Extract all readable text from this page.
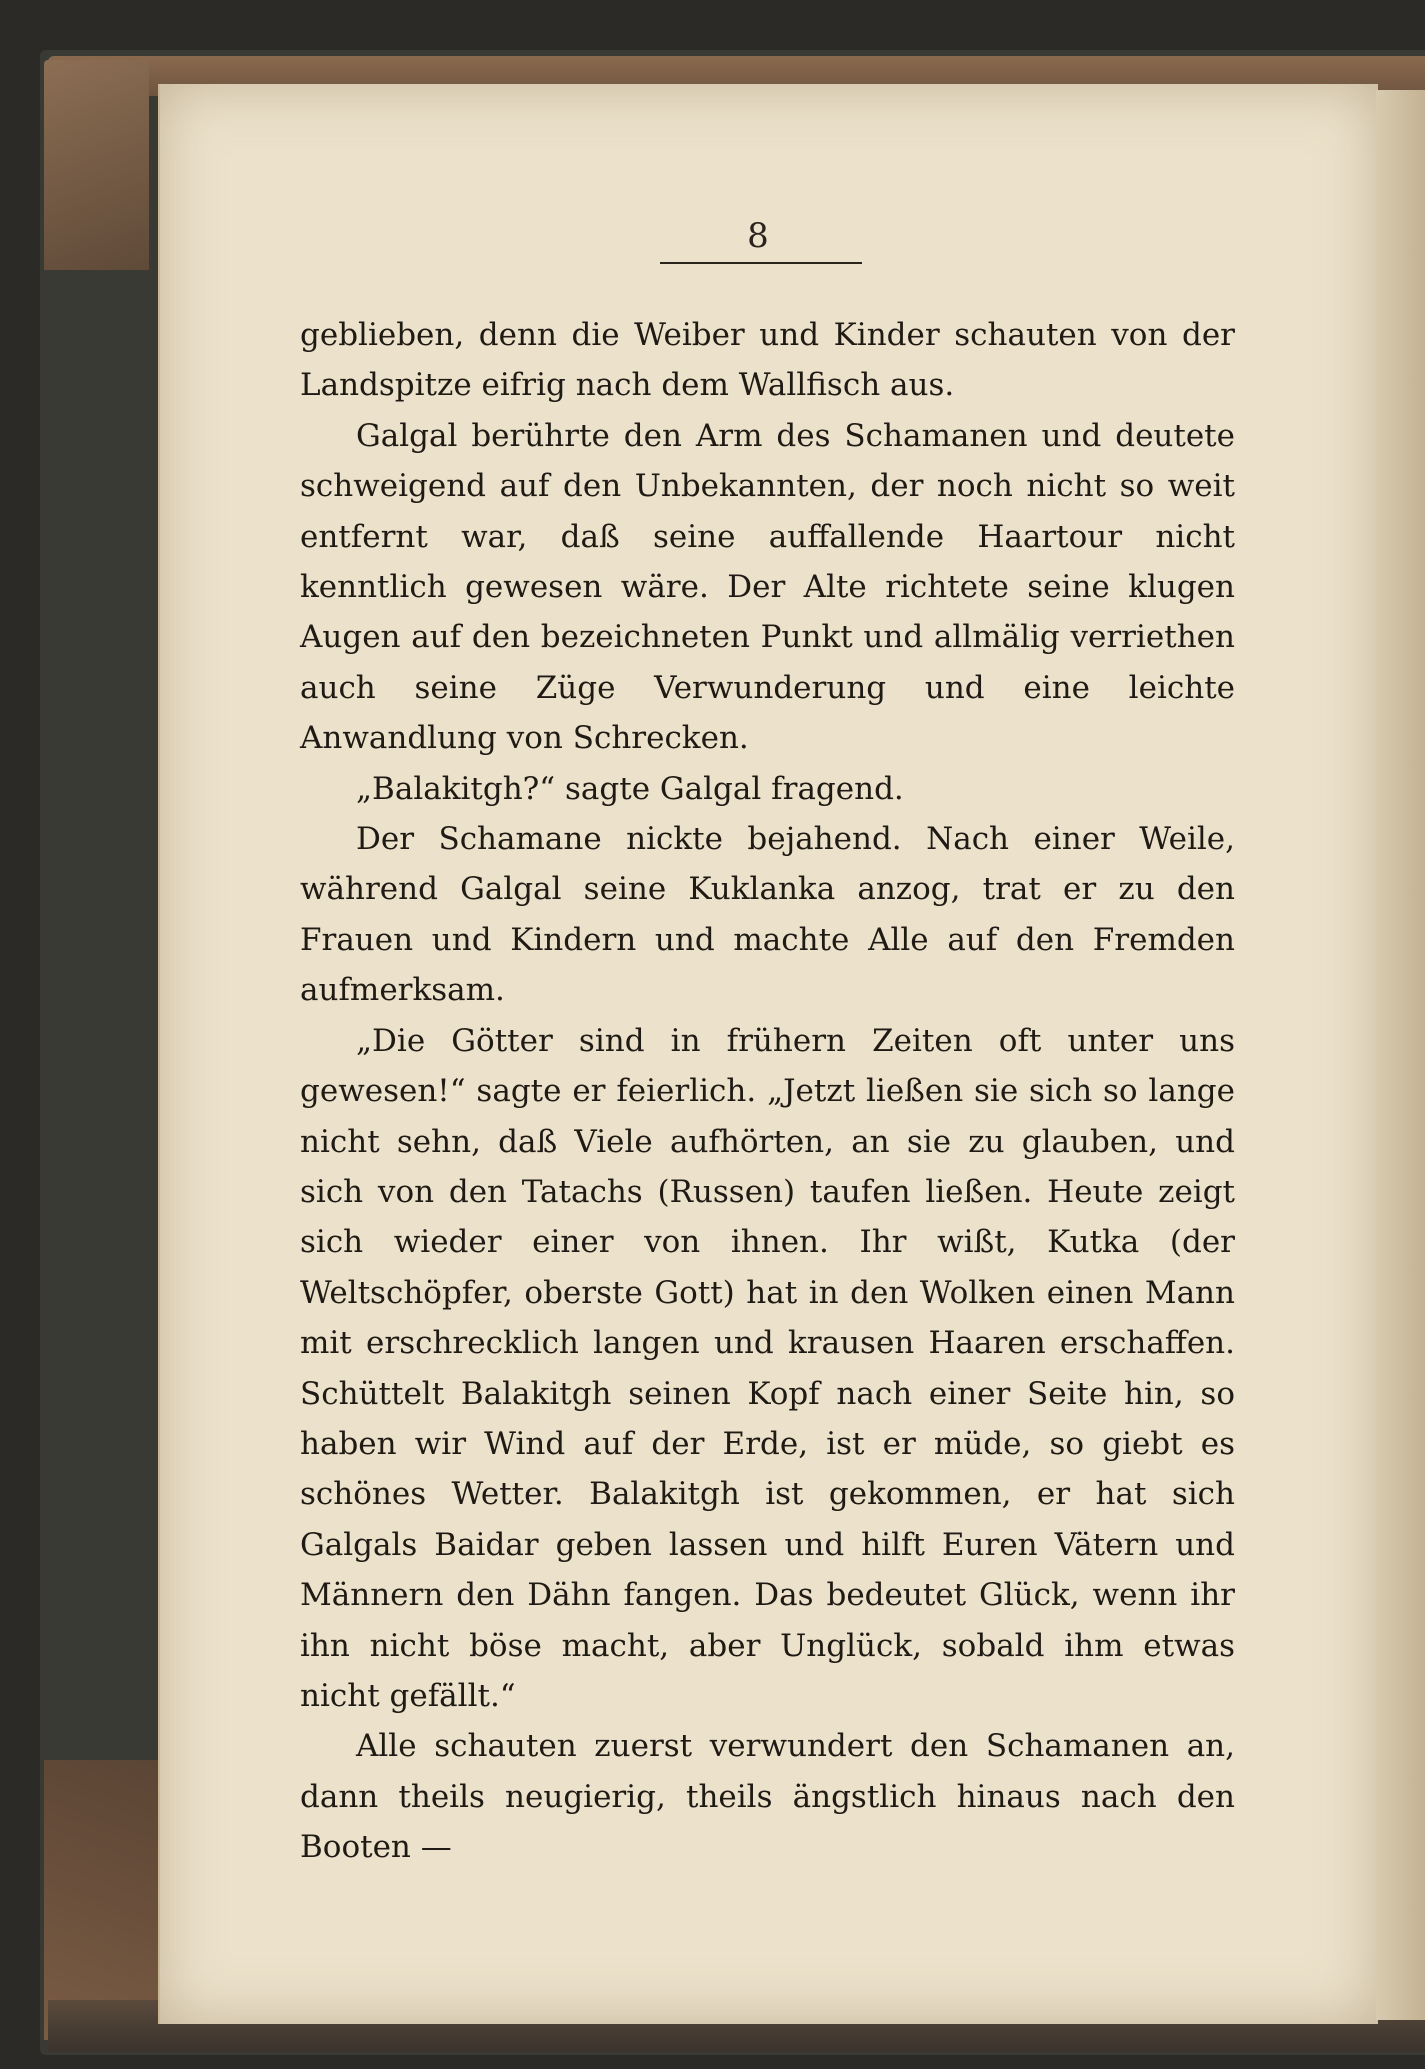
8

geblieben, denn die Weiber und Kinder schauten von der Landspitze eifrig nach dem Wallfisch aus.

Galgal berührte den Arm des Schamanen und deutete schweigend auf den Unbekannten, der noch nicht so weit entfernt war, daß seine auffallende Haartour nicht kenntlich gewesen wäre. Der Alte richtete seine klugen Augen auf den bezeichneten Punkt und allmälig verriethen auch seine Züge Verwunderung und eine leichte Anwandlung von Schrecken.

„Balakitgh?“ sagte Galgal fragend.

Der Schamane nickte bejahend. Nach einer Weile, während Galgal seine Kuklanka anzog, trat er zu den Frauen und Kindern und machte Alle auf den Fremden aufmerksam.

„Die Götter sind in frühern Zeiten oft unter uns gewesen!“ sagte er feierlich. „Jetzt ließen sie sich so lange nicht sehn, daß Viele aufhörten, an sie zu glauben, und sich von den Tatachs (Russen) taufen ließen. Heute zeigt sich wieder einer von ihnen. Ihr wißt, Kutka (der Weltschöpfer, oberste Gott) hat in den Wolken einen Mann mit erschrecklich langen und krausen Haaren erschaffen. Schüttelt Balakitgh seinen Kopf nach einer Seite hin, so haben wir Wind auf der Erde, ist er müde, so giebt es schönes Wetter. Balakitgh ist gekommen, er hat sich Galgals Baidar geben lassen und hilft Euren Vätern und Männern den Dähn fangen. Das bedeutet Glück, wenn ihr ihn nicht böse macht, aber Unglück, sobald ihm etwas nicht gefällt.“

Alle schauten zuerst verwundert den Schamanen an, dann theils neugierig, theils ängstlich hinaus nach den Booten —
